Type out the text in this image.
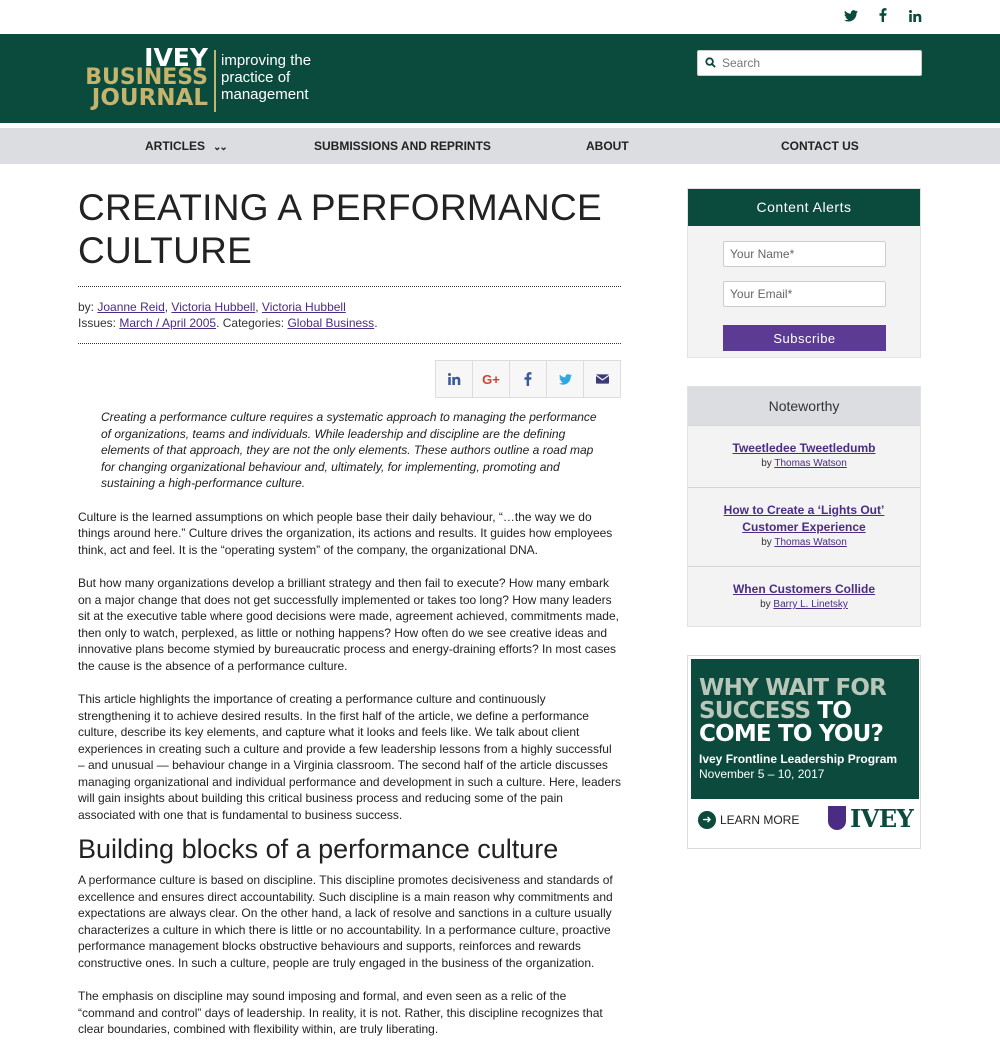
IVEY
BUSINESS
JOURNAL
improving the
practice of
management
Search
ARTICLES ⌄⌄	SUBMISSIONS AND REPRINTS	ABOUT	CONTACT US
CREATING A PERFORMANCE
CULTURE
by: Joanne Reid, Victoria Hubbell, Victoria Hubbell
Issues: March / April 2005. Categories: Global Business.
G+
Creating a performance culture requires a systematic approach to managing the performance of organizations, teams and individuals. While leadership and discipline are the defining elements of that approach, they are not the only elements. These authors outline a road map for changing organizational behaviour and, ultimately, for implementing, promoting and sustaining a high-performance culture.

Culture is the learned assumptions on which people base their daily behaviour, “…the way we do things around here.” Culture drives the organization, its actions and results. It guides how employees think, act and feel. It is the “operating system” of the company, the organizational DNA.

But how many organizations develop a brilliant strategy and then fail to execute? How many embark on a major change that does not get successfully implemented or takes too long? How many leaders sit at the executive table where good decisions were made, agreement achieved, commitments made, then only to watch, perplexed, as little or nothing happens? How often do we see creative ideas and innovative plans become stymied by bureaucratic process and energy-draining efforts? In most cases the cause is the absence of a performance culture.

This article highlights the importance of creating a performance culture and continuously strengthening it to achieve desired results. In the first half of the article, we define a performance culture, describe its key elements, and capture what it looks and feels like. We talk about client experiences in creating such a culture and provide a few leadership lessons from a highly successful – and unusual — behaviour change in a Virginia classroom. The second half of the article discusses managing organizational and individual performance and development in such a culture. Here, leaders will gain insights about building this critical business process and reducing some of the pain associated with one that is fundamental to business success.

Building blocks of a performance culture

A performance culture is based on discipline. This discipline promotes decisiveness and standards of excellence and ensures direct accountability. Such discipline is a main reason why commitments and expectations are always clear. On the other hand, a lack of resolve and sanctions in a culture usually characterizes a culture in which there is little or no accountability. In a performance culture, proactive performance management blocks obstructive behaviours and supports, reinforces and rewards constructive ones. In such a culture, people are truly engaged in the business of the organization.

The emphasis on discipline may sound imposing and formal, and even seen as a relic of the “command and control” days of leadership. In reality, it is not. Rather, this discipline recognizes that clear boundaries, combined with flexibility within, are truly liberating.

Content Alerts
Your Name*
Your Email*
Subscribe
Noteworthy
Tweetledee Tweetledumb
by Thomas Watson
How to Create a ‘Lights Out’ Customer Experience
by Thomas Watson
When Customers Collide
by Barry L. Linetsky
WHY WAIT FOR
SUCCESS TO
COME TO YOU?
Ivey Frontline Leadership Program
November 5 – 10, 2017
➜ LEARN MORE IVEY
